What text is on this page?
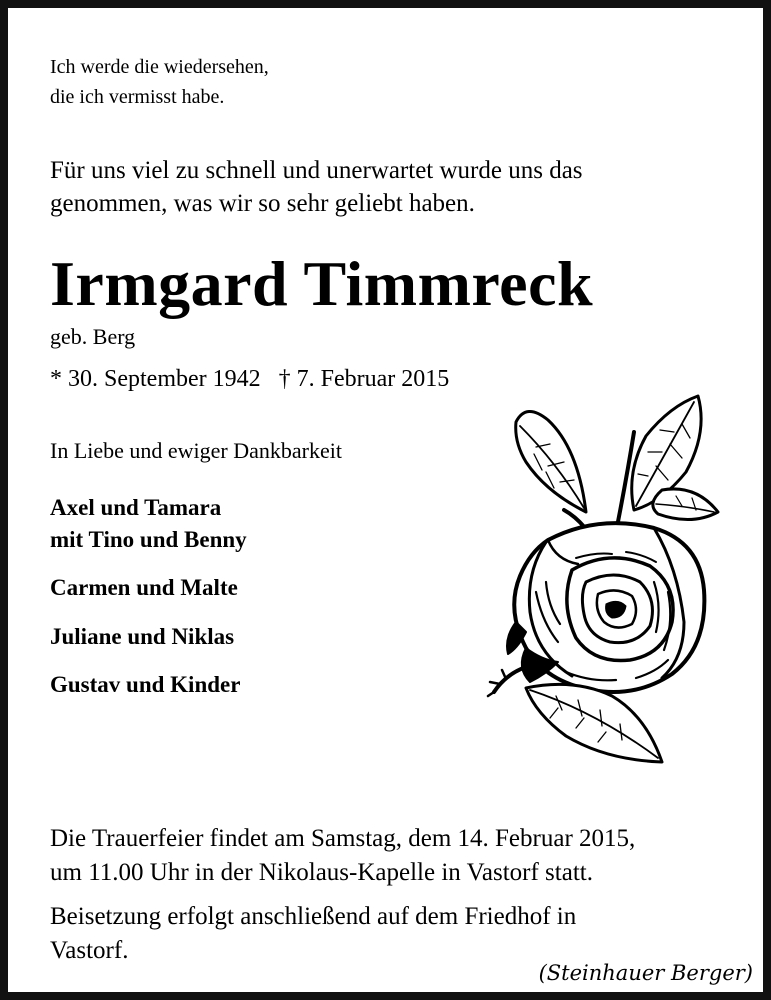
Ich werde die wiedersehen,
die ich vermisst habe.
Für uns viel zu schnell und unerwartet wurde uns das
genommen, was wir so sehr geliebt haben.
Irmgard Timmreck
geb. Berg
* 30. September 1942 † 7. Februar 2015
In Liebe und ewiger Dankbarkeit
Axel und Tamara
mit Tino und Benny
Carmen und Malte
Juliane und Niklas
Gustav und Kinder
Die Trauerfeier findet am Samstag, dem 14. Februar 2015,
um 11.00 Uhr in der Nikolaus-Kapelle in Vastorf statt.
Beisetzung erfolgt anschließend auf dem Friedhof in
Vastorf.
(Steinhauer Berger)
